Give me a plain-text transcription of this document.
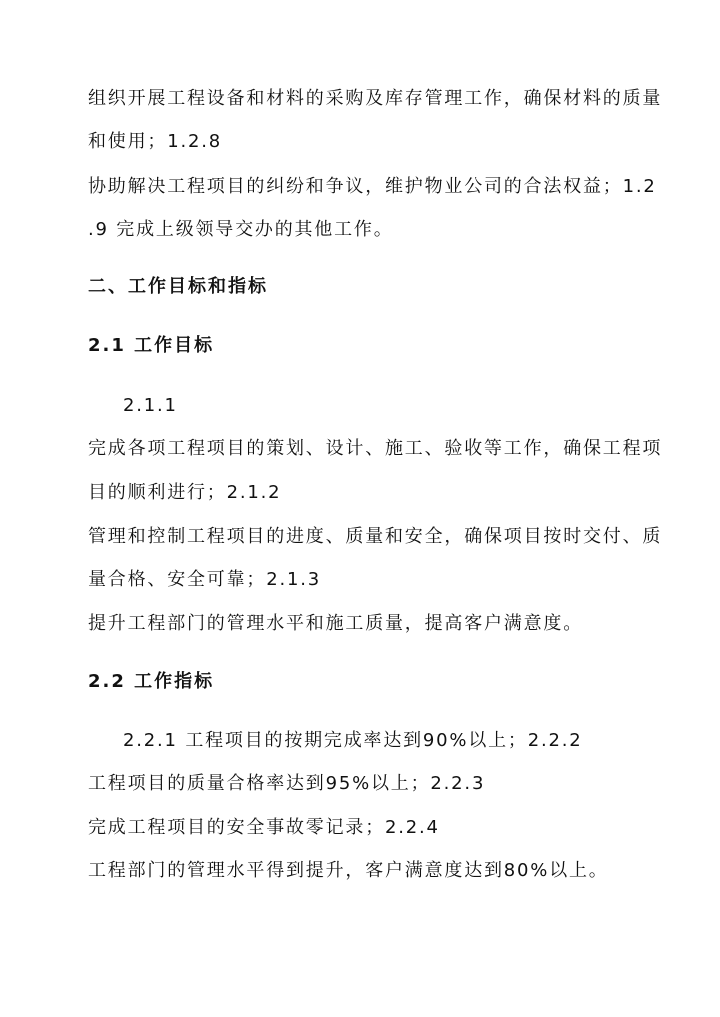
组织开展工程设备和材料的采购及库存管理工作，确保材料的质量
和使用；1.2.8
协助解决工程项目的纠纷和争议，维护物业公司的合法权益；1.2
.9 完成上级领导交办的其他工作。
二、工作目标和指标
2.1 工作目标
2.1.1
完成各项工程项目的策划、设计、施工、验收等工作，确保工程项
目的顺利进行；2.1.2
管理和控制工程项目的进度、质量和安全，确保项目按时交付、质
量合格、安全可靠；2.1.3
提升工程部门的管理水平和施工质量，提高客户满意度。
2.2 工作指标
2.2.1 工程项目的按期完成率达到90%以上；2.2.2
工程项目的质量合格率达到95%以上；2.2.3
完成工程项目的安全事故零记录；2.2.4
工程部门的管理水平得到提升，客户满意度达到80%以上。
